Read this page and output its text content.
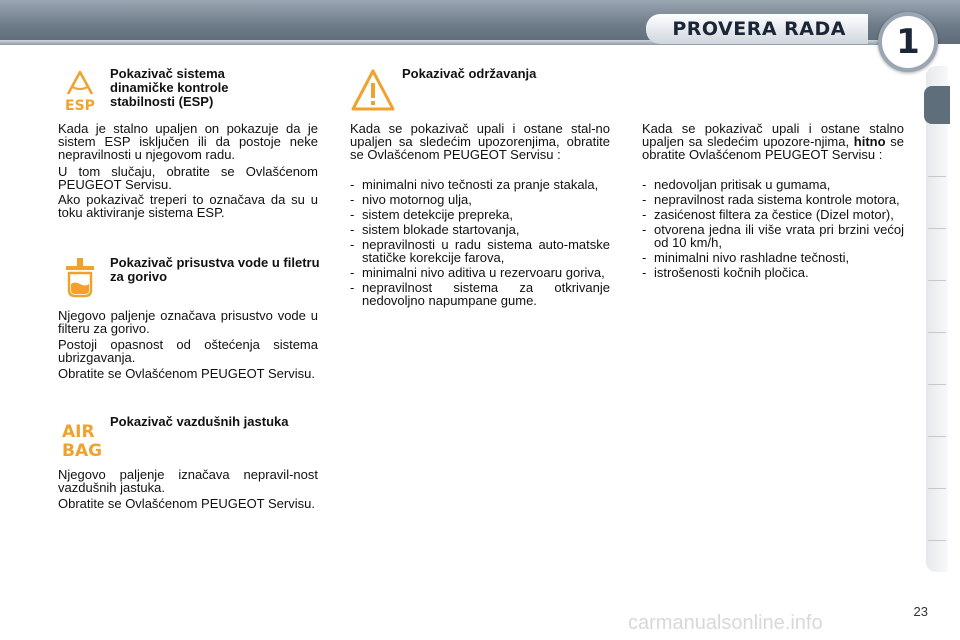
PROVERA RADA	1
ESP
Pokazivač sistema dinamičke kontrole stabilnosti (ESP)

Kada je stalno upaljen on pokazuje da je sistem ESP isključen ili da postoje neke nepravilnosti u njegovom radu.

U tom slučaju, obratite se Ovlašćenom PEUGEOT Servisu.

Ako pokazivač treperi to označava da su u toku aktiviranje sistema ESP.

Pokazivač prisustva vode u filetru za gorivo

Njegovo paljenje označava prisustvo vode u filteru za gorivo.

Postoji opasnost od oštećenja sistema ubrizgavanja.

Obratite se Ovlašćenom PEUGEOT Servisu.

AIR
BAG
Pokazivač vazdušnih jastuka

Njegovo paljenje iznačava nepravil-nost vazdušnih jastuka.

Obratite se Ovlašćenom PEUGEOT Servisu.

Pokazivač održavanja

Kada se pokazivač upali i ostane stal-no upaljen sa sledećim upozorenjima, obratite se Ovlašćenom PEUGEOT Servisu :

- minimalni nivo tečnosti za pranje stakala,
- nivo motornog ulja,
- sistem detekcije prepreka,
- sistem blokade startovanja,
- nepravilnosti u radu sistema auto-matske statičke korekcije farova,
- minimalni nivo aditiva u rezervoaru goriva,
- nepravilnost sistema za otkrivanje nedovoljno napumpane gume.

Kada se pokazivač upali i ostane stalno upaljen sa sledećim upozore-njima, hitno se obratite Ovlašćenom PEUGEOT Servisu :

- nedovoljan pritisak u gumama,
- nepravilnost rada sistema kontrole motora,
- zasićenost filtera za čestice (Dizel motor),
- otvorena jedna ili više vrata pri brzini većoj od 10 km/h,
- minimalni nivo rashladne tečnosti,
- istrošenosti kočnih pločica.
23
carmanualsonline.info
